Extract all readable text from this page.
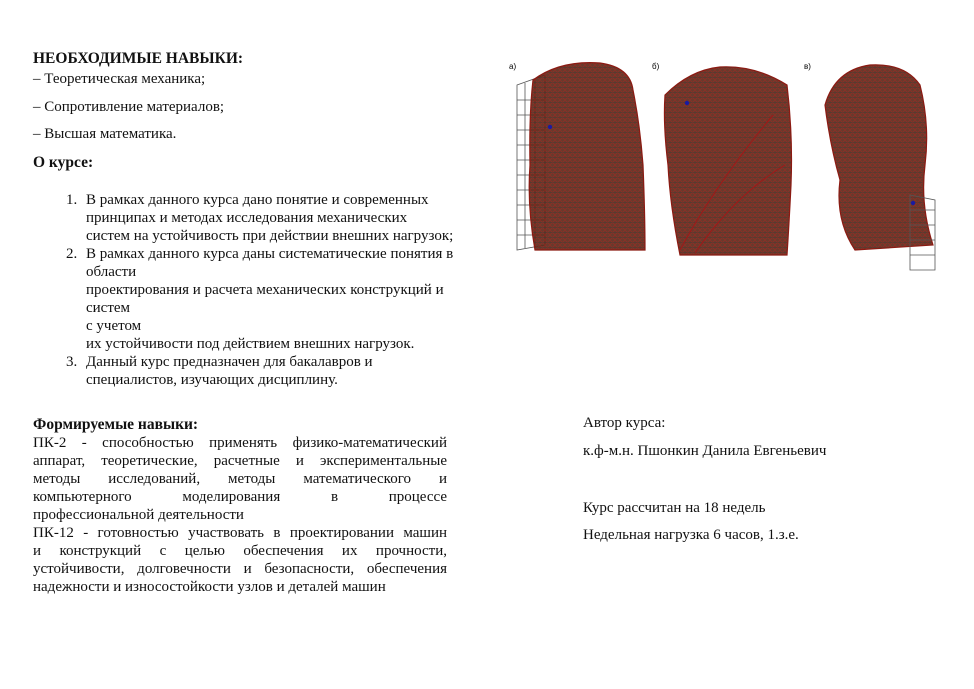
НЕОБХОДИМЫЕ НАВЫКИ:
– Теоретическая механика;
– Сопротивление материалов;
– Высшая математика.
О курсе:
1. В рамках данного курса дано понятие и современных
принципах и методах исследования механических
систем на устойчивость при действии внешних нагрузок;
2. В рамках данного курса даны систематические понятия в
области
проектирования и расчета механических конструкций и
систем
с учетом
их устойчивости под действием внешних нагрузок.
3. Данный курс предназначен для бакалавров и
специалистов, изучающих дисциплину.
Формируемые навыки:
ПК-2 - способностью применять физико-математический
аппарат, теоретические, расчетные и экспериментальные
методы исследований, методы математического и
компьютерного моделирования в процессе
профессиональной деятельности
ПК-12 - готовностью участвовать в проектировании машин
и конструкций с целью обеспечения их прочности,
устойчивости, долговечности и безопасности, обеспечения
надежности и износостойкости узлов и деталей машин
Автор курса:
к.ф-м.н. Пшонкин Данила Евгеньевич
Курс рассчитан на 18 недель
Недельная нагрузка 6 часов, 1.з.е.
а)	б)	в)
